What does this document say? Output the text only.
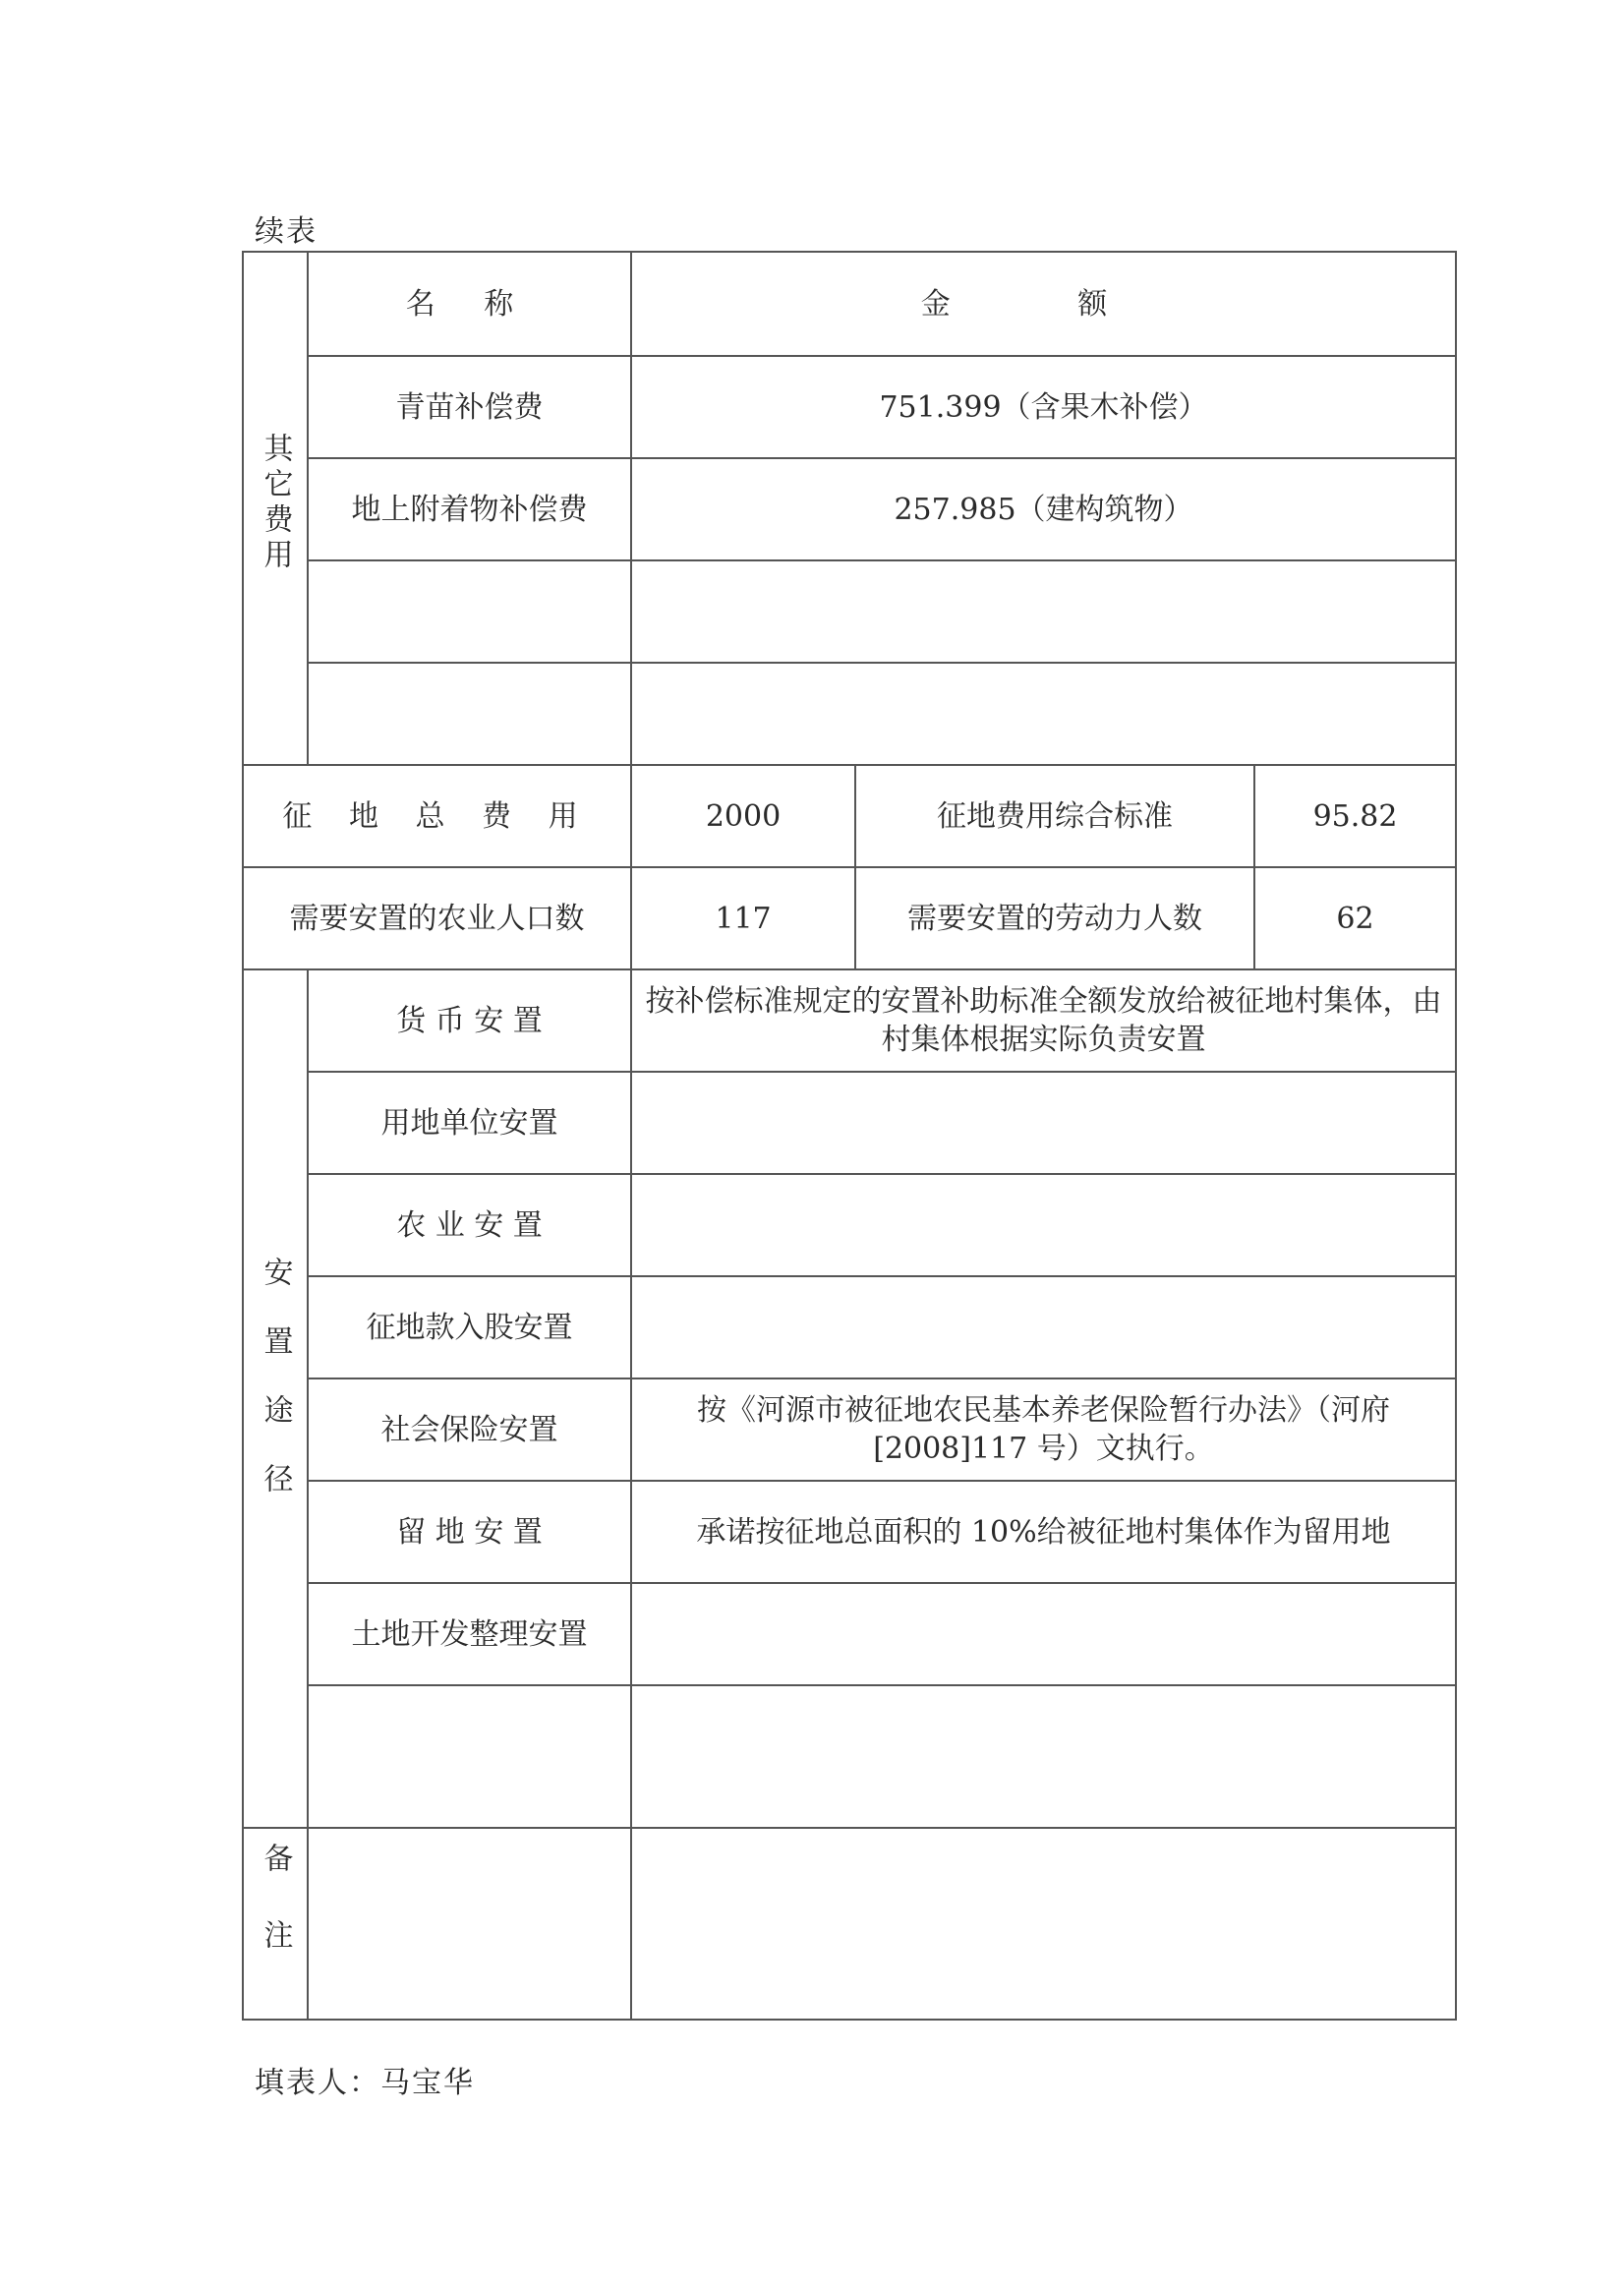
续表
其它费用	名 称	金 额		
	青苗补偿费	751.399（含果木补偿）		
	地上附着物补偿费	257.985（建构筑物）		

征 地 总 费 用		2000	征地费用综合标准	95.82
需要安置的农业人口数		117	需要安置的劳动力人数	62
安置途径	货 币 安 置	按补偿标准规定的安置补助标准全额发放给被征地村集体，由村集体根据实际负责安置		
	用地单位安置			
	农 业 安 置			
	征地款入股安置			
	社会保险安置	按《河源市被征地农民基本养老保险暂行办法》（河府[2008]117 号）文执行。		
	留 地 安 置	承诺按征地总面积的 10%给被征地村集体作为留用地		
	土地开发整理安置			

备注				
填表人：马宝华
